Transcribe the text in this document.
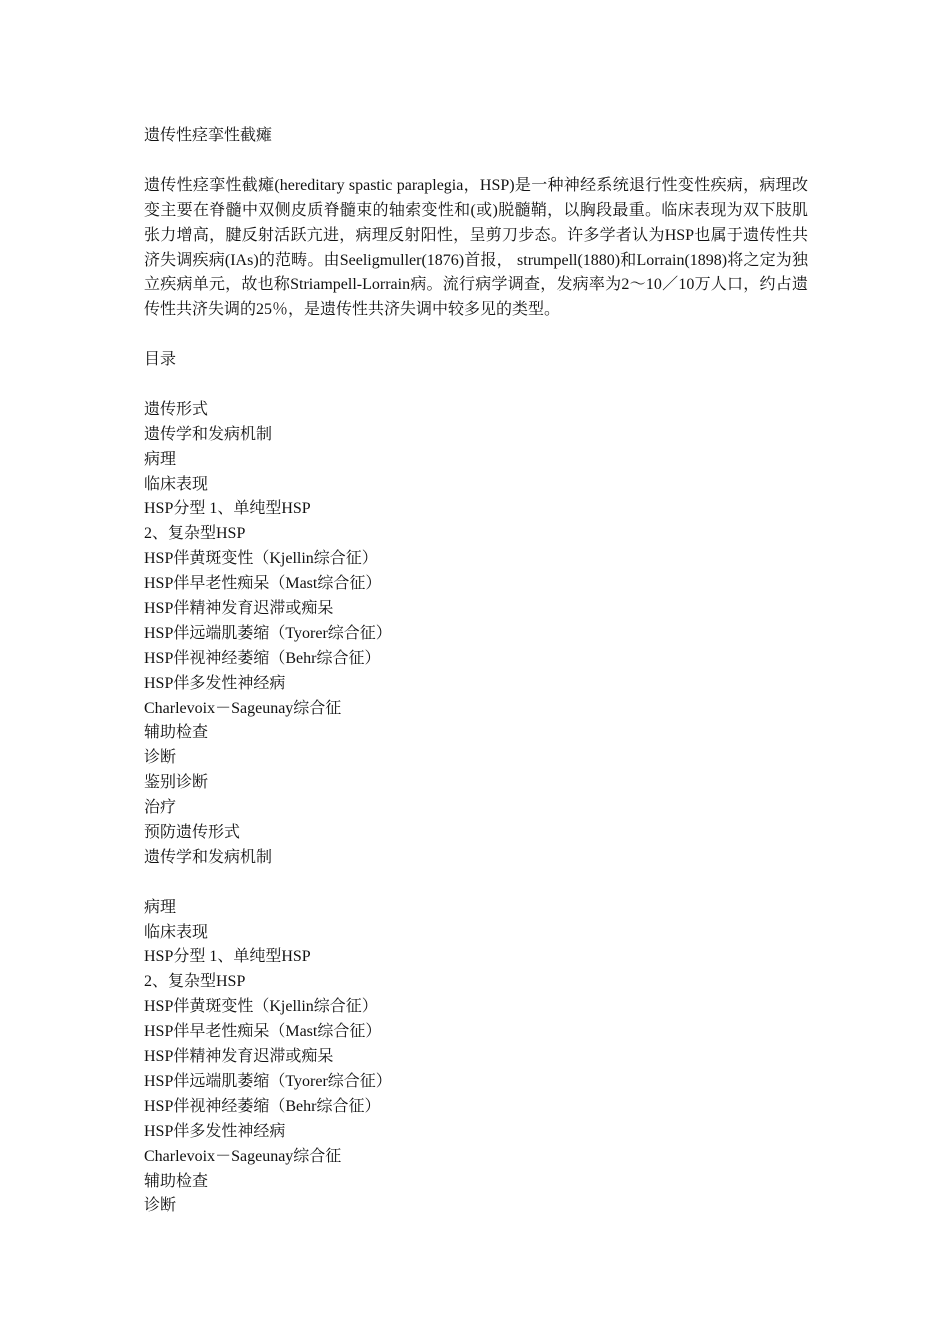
遗传性痉挛性截瘫
遗传性痉挛性截瘫(hereditary spastic paraplegia，HSP)是一种神经系统退行性变性疾病，病理改变主要在脊髓中双侧皮质脊髓束的轴索变性和(或)脱髓鞘，以胸段最重。临床表现为双下肢肌张力增高，腱反射活跃亢进，病理反射阳性，呈剪刀步态。许多学者认为HSP也属于遗传性共济失调疾病(IAs)的范畴。由Seeligmuller(1876)首报， strumpell(1880)和Lorrain(1898)将之定为独立疾病单元，故也称Striampell-Lorrain病。流行病学调查，发病率为2～10／10万人口，约占遗传性共济失调的25％，是遗传性共济失调中较多见的类型。
目录
遗传形式
遗传学和发病机制
病理
临床表现
HSP分型 1、单纯型HSP
2、复杂型HSP
HSP伴黄斑变性（Kjellin综合征）
HSP伴早老性痴呆（Mast综合征）
HSP伴精神发育迟滞或痴呆
HSP伴远端肌萎缩（Tyorer综合征）
HSP伴视神经萎缩（Behr综合征）
HSP伴多发性神经病
Charlevoix－Sageunay综合征
辅助检查
诊断
鉴别诊断
治疗
预防遗传形式
遗传学和发病机制
病理
临床表现
HSP分型 1、单纯型HSP
2、复杂型HSP
HSP伴黄斑变性（Kjellin综合征）
HSP伴早老性痴呆（Mast综合征）
HSP伴精神发育迟滞或痴呆
HSP伴远端肌萎缩（Tyorer综合征）
HSP伴视神经萎缩（Behr综合征）
HSP伴多发性神经病
Charlevoix－Sageunay综合征
辅助检查
诊断
